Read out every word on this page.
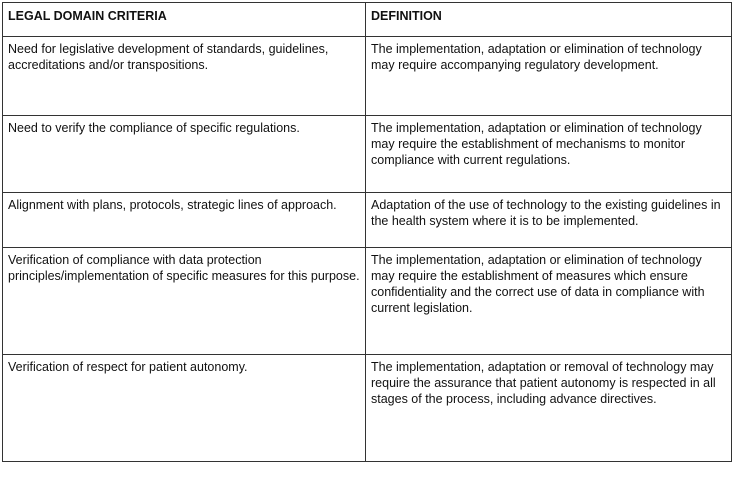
LEGAL DOMAIN CRITERIA	DEFINITION
Need for legislative development of standards, guidelines, accreditations and/or transpositions.	The implementation, adaptation or elimination of technology may require accompanying regulatory development.
Need to verify the compliance of specific regulations.	The implementation, adaptation or elimination of technology may require the establishment of mechanisms to monitor compliance with current regulations.
Alignment with plans, protocols, strategic lines of approach.	Adaptation of the use of technology to the existing guidelines in the health system where it is to be implemented.
Verification of compliance with data protection principles/implementation of specific measures for this purpose.	The implementation, adaptation or elimination of technology may require the establishment of measures which ensure confidentiality and the correct use of data in compliance with current legislation.
Verification of respect for patient autonomy.	The implementation, adaptation or removal of technology may require the assurance that patient autonomy is respected in all stages of the process, including advance directives.
